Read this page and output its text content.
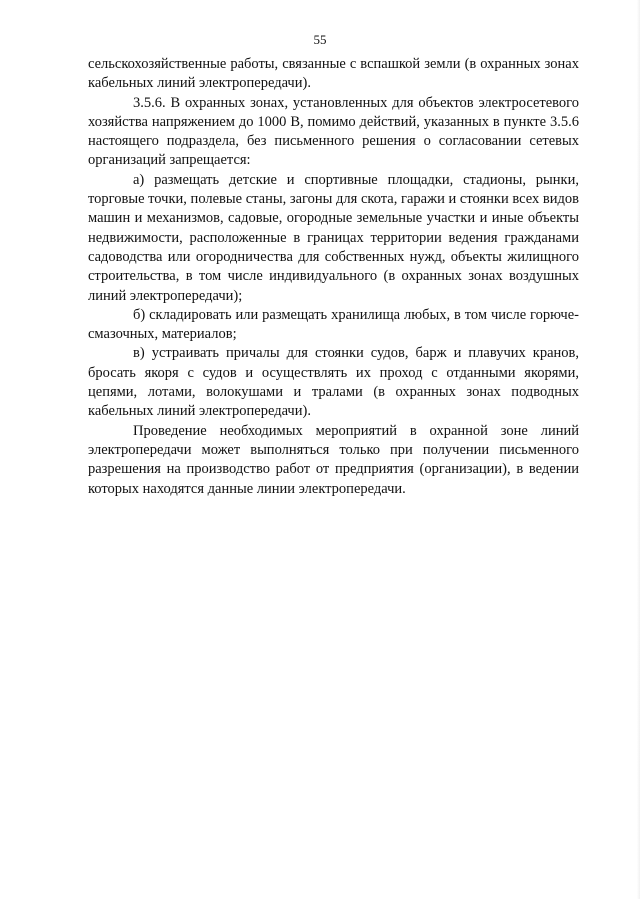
55

сельскохозяйственные работы, связанные с вспашкой земли (в охранных зонах кабельных линий электропередачи).

3.5.6. В охранных зонах, установленных для объектов электросетевого хозяйства напряжением до 1000 В, помимо действий, указанных в пункте 3.5.6 настоящего подраздела, без письменного решения о согласовании сетевых организаций запрещается:

а) размещать детские и спортивные площадки, стадионы, рынки, торговые точки, полевые станы, загоны для скота, гаражи и стоянки всех видов машин и механизмов, садовые, огородные земельные участки и иные объекты недвижимости, расположенные в границах территории ведения гражданами садоводства или огородничества для собственных нужд, объекты жилищного строительства, в том числе индивидуального (в охранных зонах воздушных линий электропередачи);

б) складировать или размещать хранилища любых, в том числе горюче-смазочных, материалов;

в) устраивать причалы для стоянки судов, барж и плавучих кранов, бросать якоря с судов и осуществлять их проход с отданными якорями, цепями, лотами, волокушами и тралами (в охранных зонах подводных кабельных линий электропередачи).

Проведение необходимых мероприятий в охранной зоне линий электропередачи может выполняться только при получении письменного разрешения на производство работ от предприятия (организации), в ведении которых находятся данные линии электропередачи.
